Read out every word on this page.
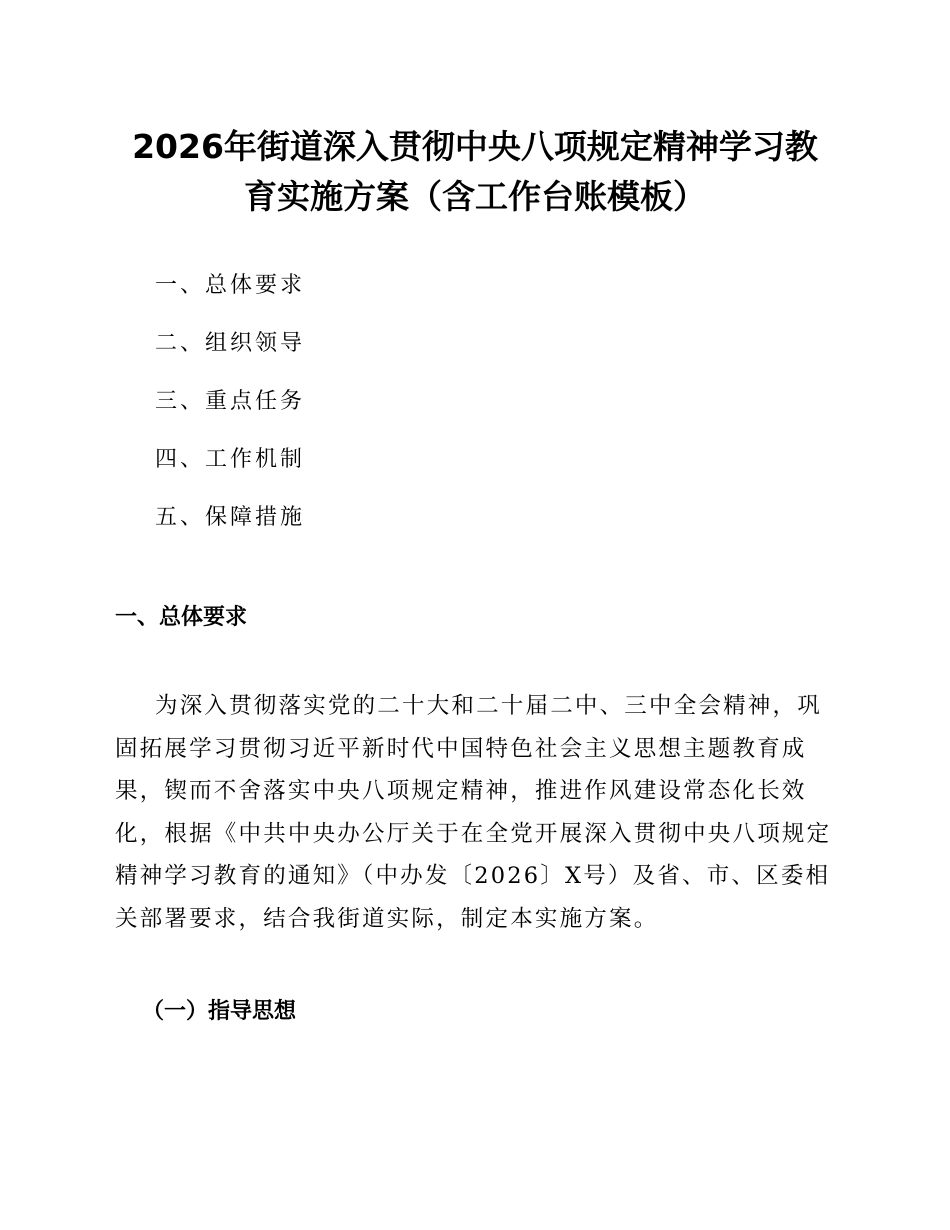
2026年街道深入贯彻中央八项规定精神学习教
育实施方案（含工作台账模板）
一、总体要求
二、组织领导
三、重点任务
四、工作机制
五、保障措施
一、总体要求
为深入贯彻落实党的二十大和二十届二中、三中全会精神，巩
固拓展学习贯彻习近平新时代中国特色社会主义思想主题教育成
果，锲而不舍落实中央八项规定精神，推进作风建设常态化长效
化，根据《中共中央办公厅关于在全党开展深入贯彻中央八项规定
精神学习教育的通知》（中办发〔2026〕X号）及省、市、区委相
关部署要求，结合我街道实际，制定本实施方案。
（一）指导思想
